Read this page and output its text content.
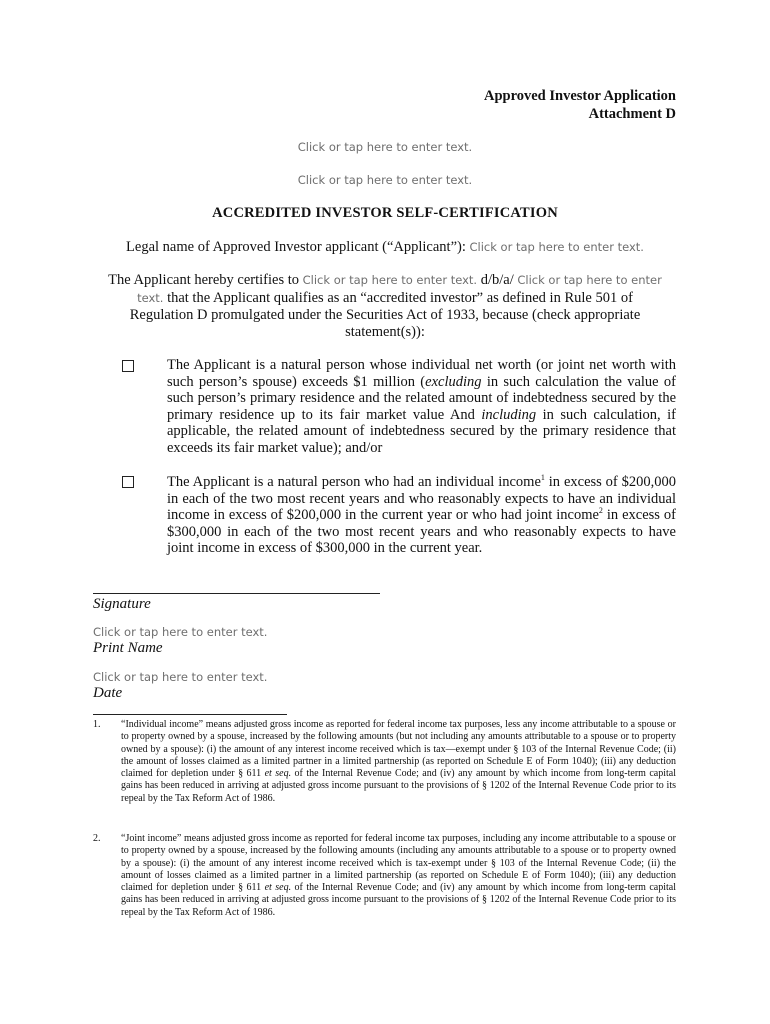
Approved Investor Application
Attachment D
Click or tap here to enter text.
Click or tap here to enter text.
ACCREDITED INVESTOR SELF-CERTIFICATION
Legal name of Approved Investor applicant (“Applicant”): Click or tap here to enter text.
The Applicant hereby certifies to Click or tap here to enter text. d/b/a/ Click or tap here to enter
text. that the Applicant qualifies as an “accredited investor” as defined in Rule 501 of
Regulation D promulgated under the Securities Act of 1933, because (check appropriate
statement(s)):
The Applicant is a natural person whose individual net worth (or joint net worth with such person’s spouse) exceeds $1 million (excluding in such calculation the value of such person’s primary residence and the related amount of indebtedness secured by the primary residence up to its fair market value And including in such calculation, if applicable, the related amount of indebtedness secured by the primary residence that exceeds its fair market value); and/or
The Applicant is a natural person who had an individual income$^1$ in excess of $200,000 in each of the two most recent years and who reasonably expects to have an individual income in excess of $200,000 in the current year or who had joint income$^2$ in excess of $300,000 in each of the two most recent years and who reasonably expects to have joint income in excess of $300,000 in the current year.
Signature
Click or tap here to enter text.
Print Name
Click or tap here to enter text.
Date
1. “Individual income” means adjusted gross income as reported for federal income tax purposes, less any income attributable to a spouse or to property owned by a spouse, increased by the following amounts (but not including any amounts attributable to a spouse or to property owned by a spouse): (i) the amount of any interest income received which is tax—exempt under § 103 of the Internal Revenue Code; (ii) the amount of losses claimed as a limited partner in a limited partnership (as reported on Schedule E of Form 1040); (iii) any deduction claimed for depletion under § 611 et seq. of the Internal Revenue Code; and (iv) any amount by which income from long-term capital gains has been reduced in arriving at adjusted gross income pursuant to the provisions of § 1202 of the Internal Revenue Code prior to its repeal by the Tax Reform Act of 1986.
2. “Joint income” means adjusted gross income as reported for federal income tax purposes, including any income attributable to a spouse or to property owned by a spouse, increased by the following amounts (including any amounts attributable to a spouse or to property owned by a spouse): (i) the amount of any interest income received which is tax-exempt under § 103 of the Internal Revenue Code; (ii) the amount of losses claimed as a limited partner in a limited partnership (as reported on Schedule E of Form 1040); (iii) any deduction claimed for depletion under § 611 et seq. of the Internal Revenue Code; and (iv) any amount by which income from long-term capital gains has been reduced in arriving at adjusted gross income pursuant to the provisions of § 1202 of the Internal Revenue Code prior to its repeal by the Tax Reform Act of 1986.
